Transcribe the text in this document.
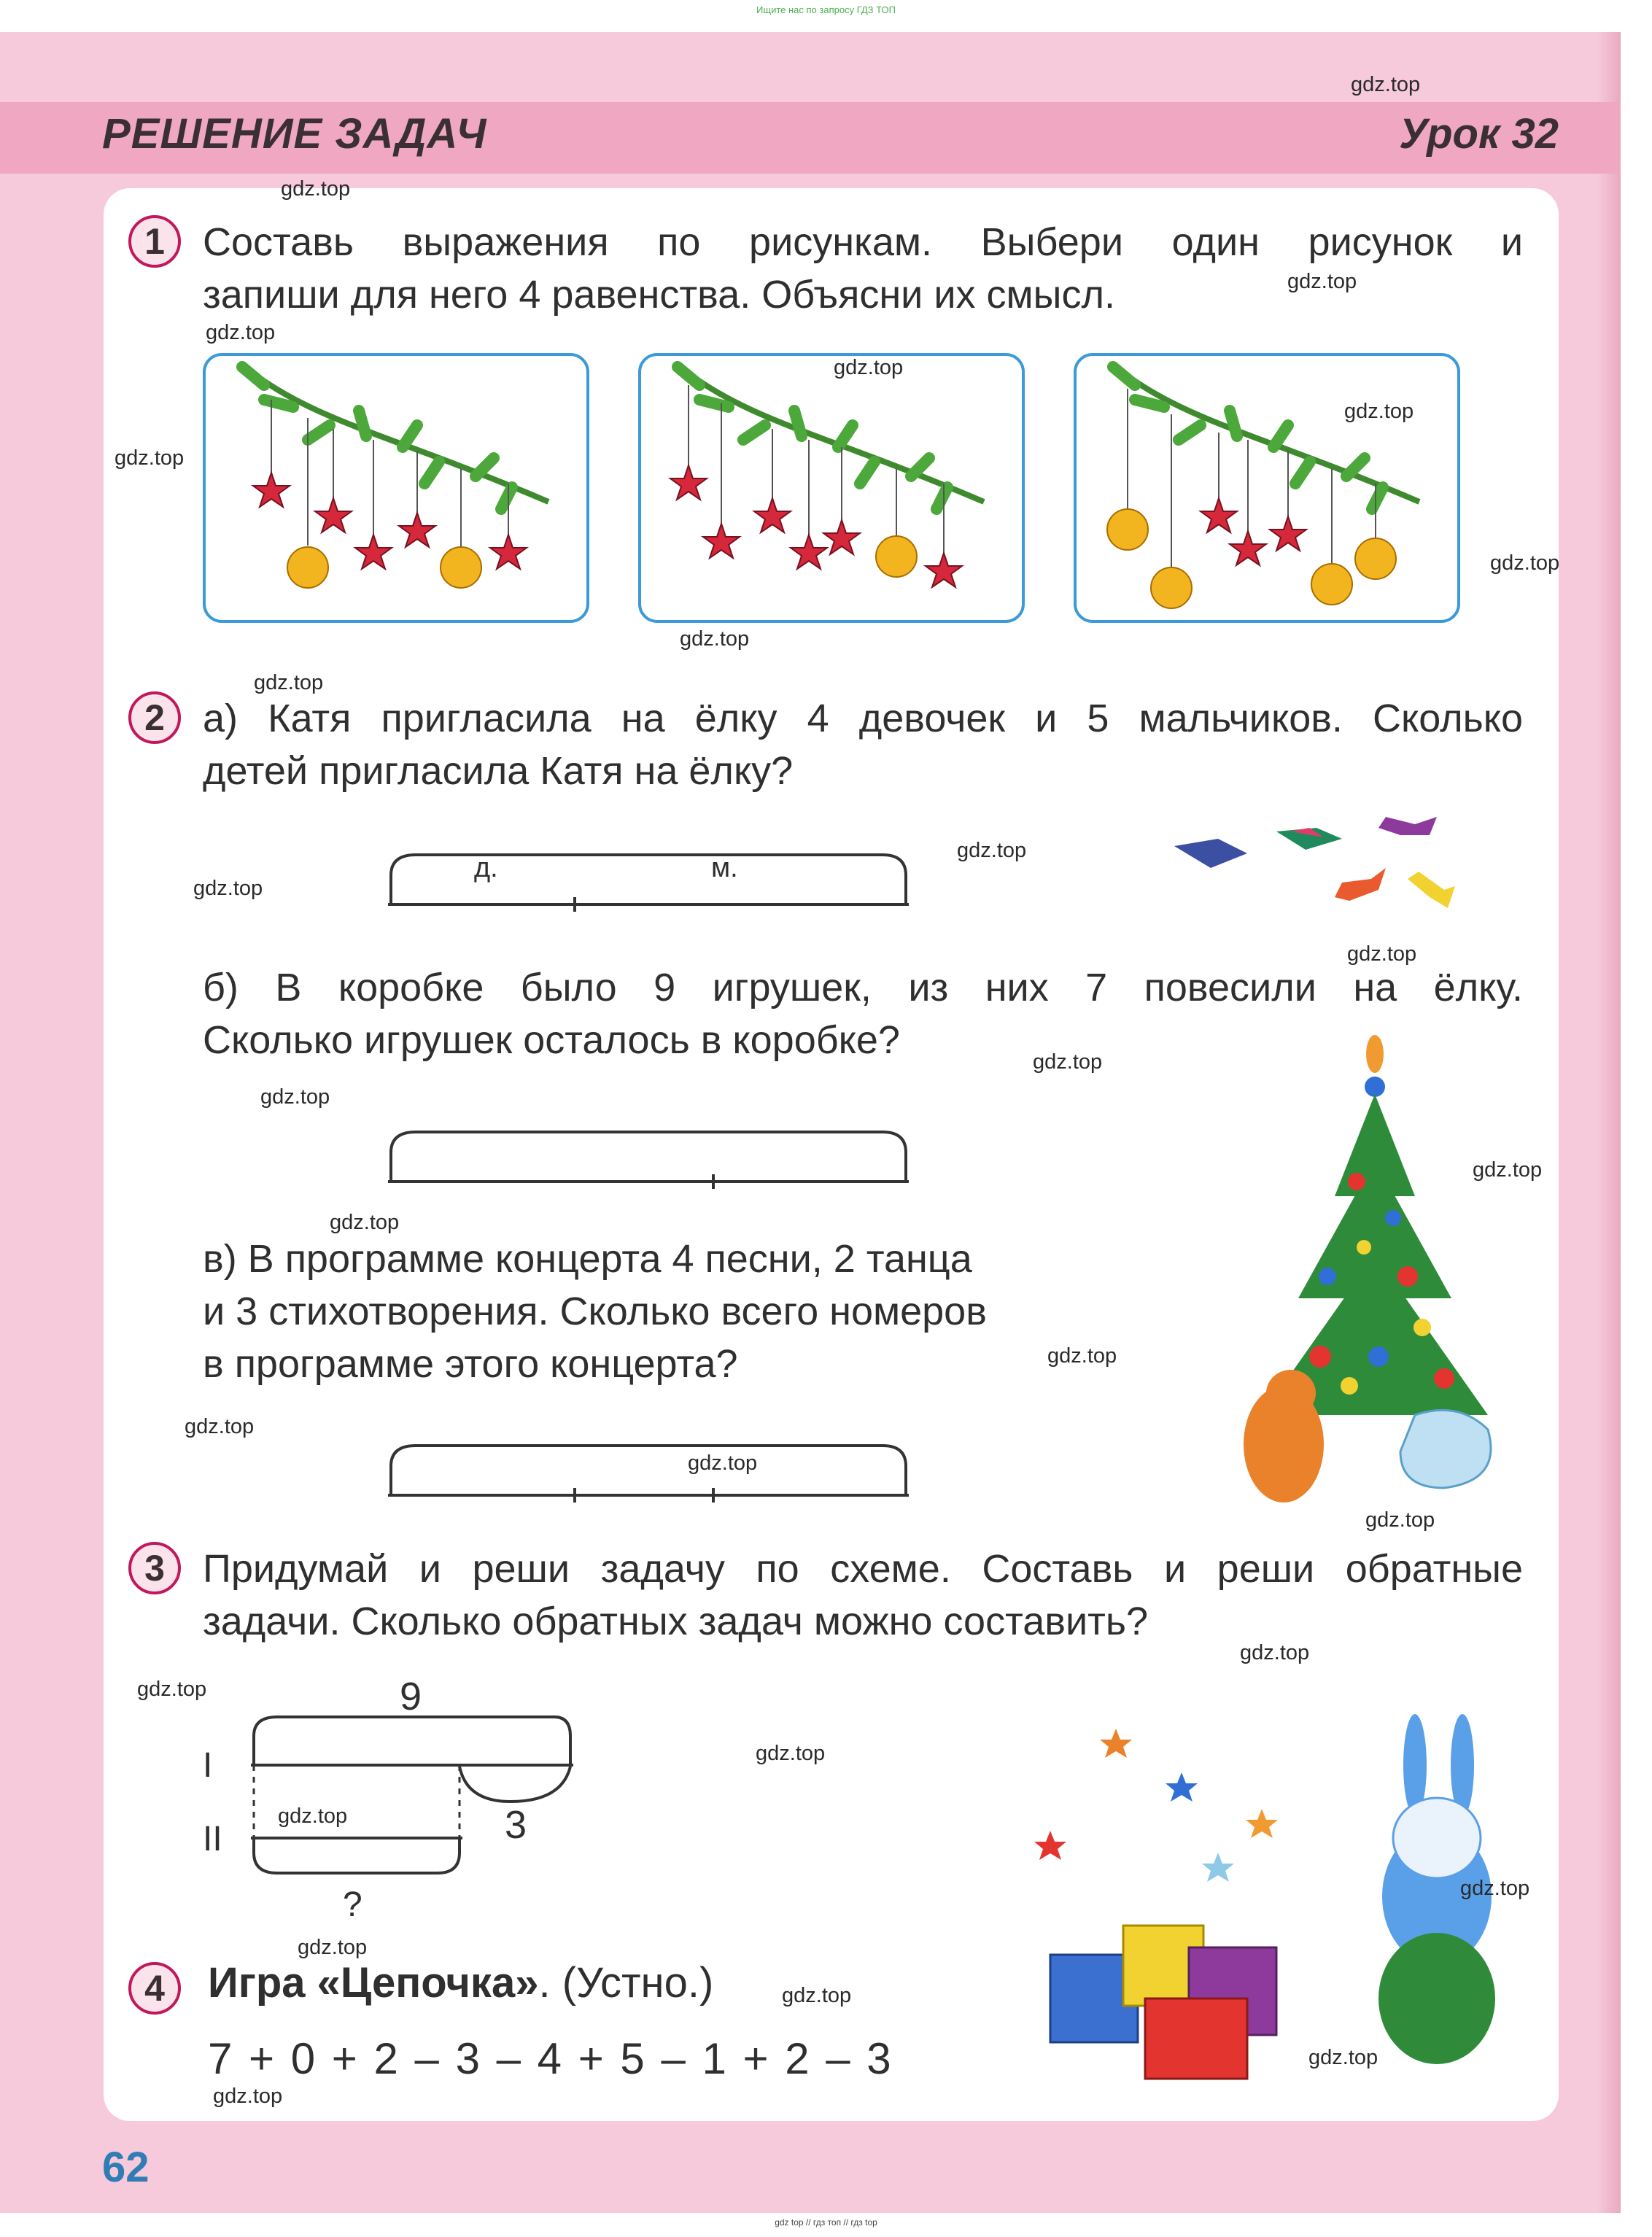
Ищите нас по запросу ГДЗ ТОП
РЕШЕНИЕ ЗАДАЧ	Урок 32
1 Составь выражения по рисункам. Выбери один рисунок и
запиши для него 4 равенства. Объясни их смысл.
2 а) Катя пригласила на ёлку 4 девочек и 5 мальчиков. Сколько
детей пригласила Катя на ёлку?
д.	м.
б) В коробке было 9 игрушек, из них 7 повесили на ёлку.
Сколько игрушек осталось в коробке?
в) В программе концерта 4 песни, 2 танца
и 3 стихотворения. Сколько всего номеров
в программе этого концерта?
3 Придумай и реши задачу по схеме. Составь и реши обратные
задачи. Сколько обратных задач можно составить?
9
I
II	3
?
4	Игра «Цепочка». (Устно.)
7 + 0 + 2 – 3 – 4 + 5 – 1 + 2 – 3
62
gdz top // гдз топ // гдз top
gdz.top
gdz.top
gdz.top
gdz.top
gdz.top
gdz.top
gdz.top
gdz.top
gdz.top
gdz.top
gdz.top
gdz.top
gdz.top
gdz.top
gdz.top
gdz.top
gdz.top
gdz.top
gdz.top
gdz.top
gdz.top
gdz.top
gdz.top
gdz.top
gdz.top
gdz.top
gdz.top
gdz.top
gdz.top
gdz.top
